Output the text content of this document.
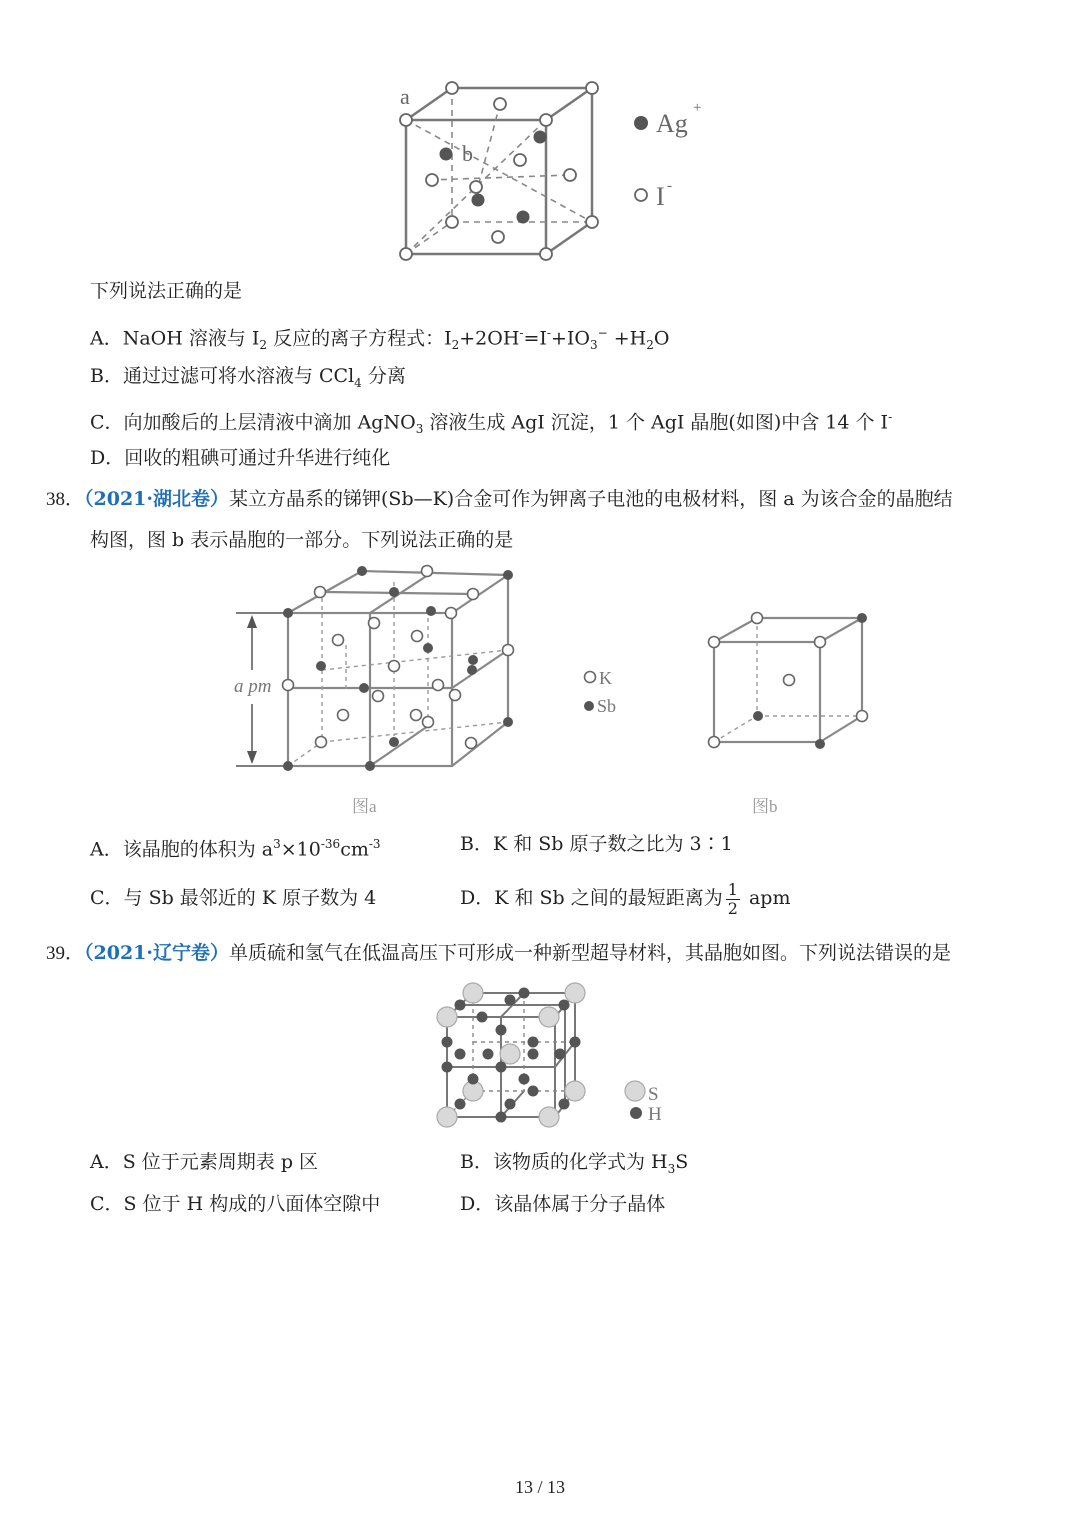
a
b
Ag
+
I -
下列说法正确的是
A．NaOH 溶液与 $I_2$ 反应的离子方程式：$I_2+2OH^-=I^-+IO_3^- +H_2O$
B．通过过滤可将水溶液与 CCl$_4$ 分离
C．向加酸后的上层清液中滴加 AgNO$_3$ 溶液生成 AgI 沉淀，1 个 AgI 晶胞(如图)中含 14 个 I-
D．回收的粗碘可通过升华进行纯化
38．（2021·湖北卷）某立方晶系的锑钾(Sb—K)合金可作为钾离子电池的电极材料，图 a 为该合金的晶胞结
构图，图 b 表示晶胞的一部分。下列说法正确的是
a pm
图a
K
Sb
图b
A．该晶胞的体积为 $a^3\times 10^{-36}cm^{-3}$	B．K 和 Sb 原子数之比为 3∶1
C．与 Sb 最邻近的 K 原子数为 4	D．K 和 Sb 之间的最短距离为 $\frac{1}{2}$ apm
39．（2021·辽宁卷）单质硫和氢气在低温高压下可形成一种新型超导材料，其晶胞如图。下列说法错误的是
S
H
A．S 位于元素周期表 p 区	B．该物质的化学式为 $H_3S$
C．S 位于 H 构成的八面体空隙中	D．该晶体属于分子晶体
13 / 13
